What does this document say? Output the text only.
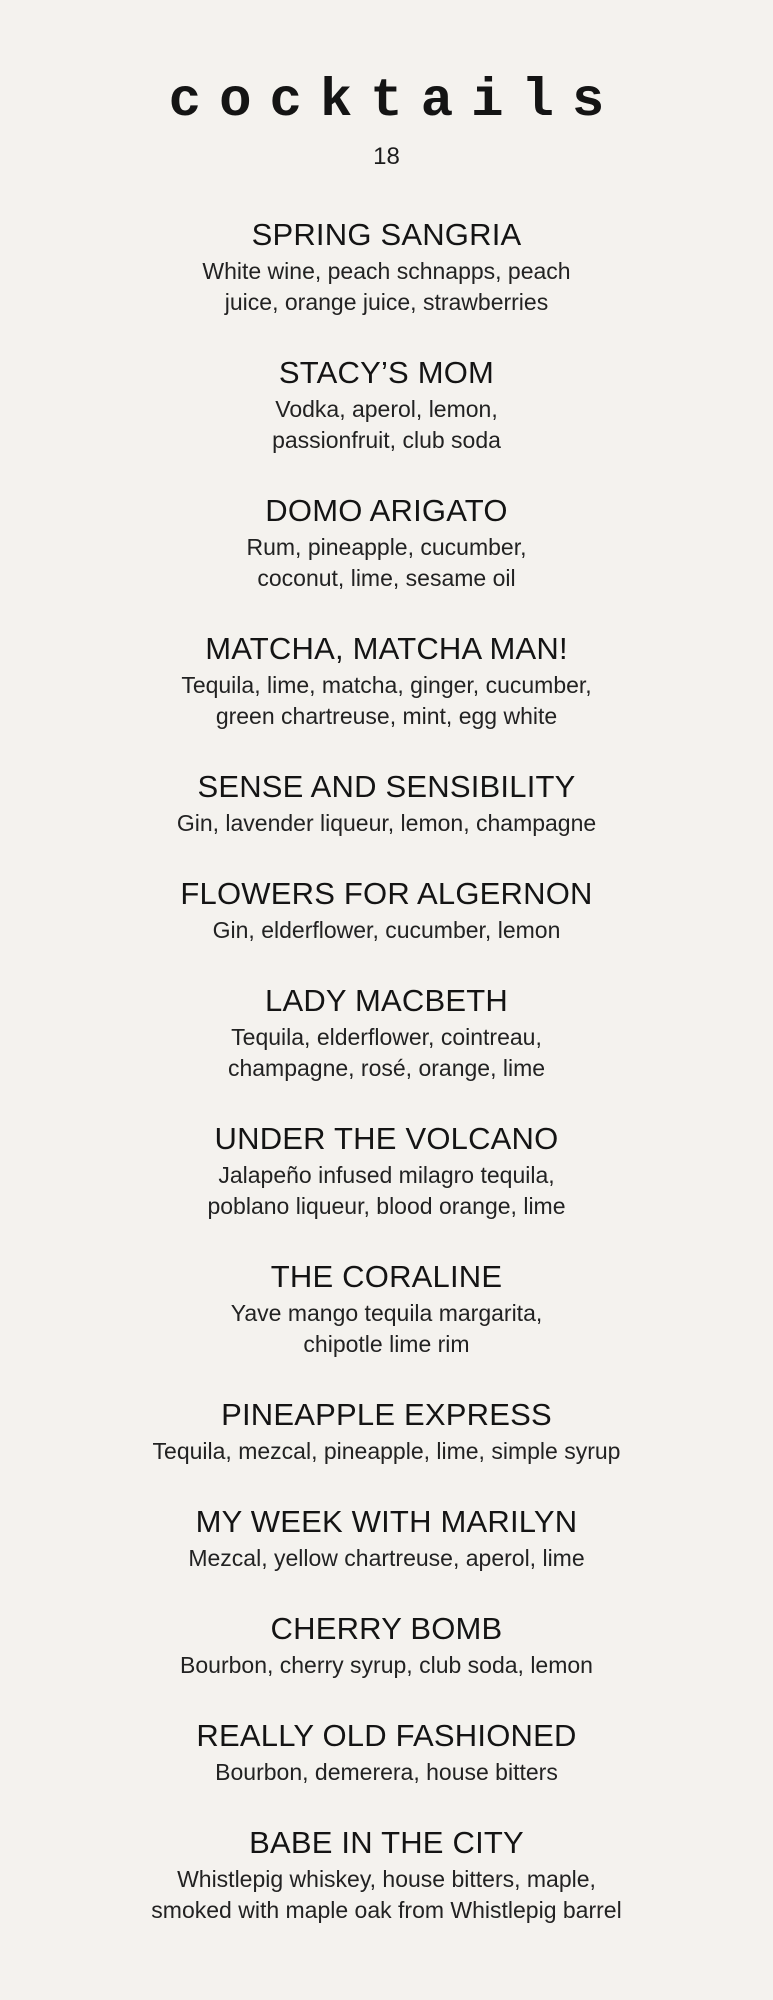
cocktails
18
SPRING SANGRIA
White wine, peach schnapps, peach
juice, orange juice, strawberries
STACY’S MOM
Vodka, aperol, lemon,
passionfruit, club soda
DOMO ARIGATO
Rum, pineapple, cucumber,
coconut, lime, sesame oil
MATCHA, MATCHA MAN!
Tequila, lime, matcha, ginger, cucumber,
green chartreuse, mint, egg white
SENSE AND SENSIBILITY
Gin, lavender liqueur, lemon, champagne
FLOWERS FOR ALGERNON
Gin, elderflower, cucumber, lemon
LADY MACBETH
Tequila, elderflower, cointreau,
champagne, rosé, orange, lime
UNDER THE VOLCANO
Jalapeño infused milagro tequila,
poblano liqueur, blood orange, lime
THE CORALINE
Yave mango tequila margarita,
chipotle lime rim
PINEAPPLE EXPRESS
Tequila, mezcal, pineapple, lime, simple syrup
MY WEEK WITH MARILYN
Mezcal, yellow chartreuse, aperol, lime
CHERRY BOMB
Bourbon, cherry syrup, club soda, lemon
REALLY OLD FASHIONED
Bourbon, demerera, house bitters
BABE IN THE CITY
Whistlepig whiskey, house bitters, maple,
smoked with maple oak from Whistlepig barrel
